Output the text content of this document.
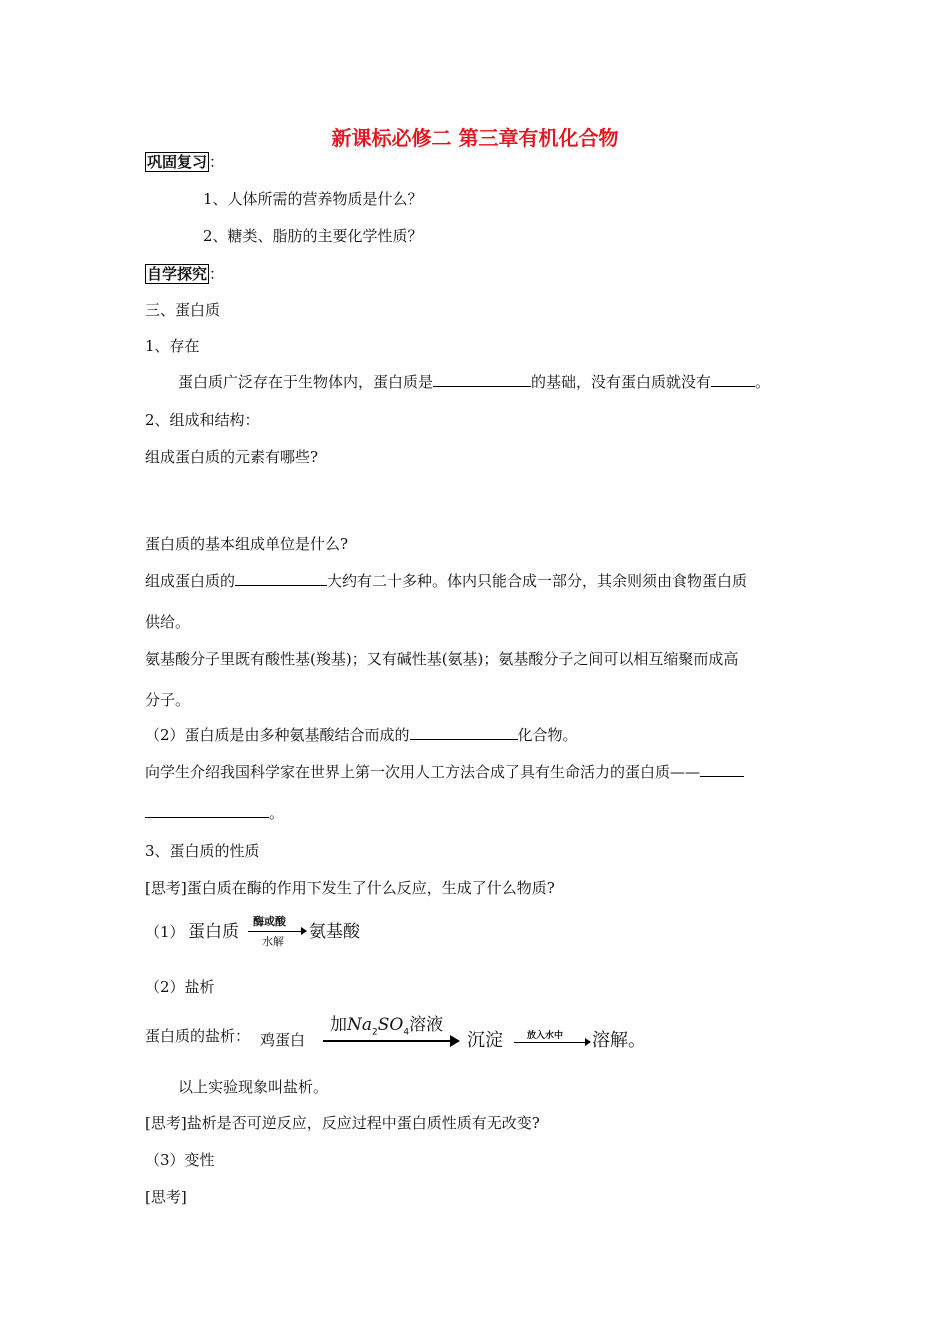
新课标必修二 第三章有机化合物
巩固复习 ：
1、人体所需的营养物质是什么？
2、糖类、脂肪的主要化学性质？
自学探究 ：
三、蛋白质
1、存在
蛋白质广泛存在于生物体内，蛋白质是	的基础，没有蛋白质就没有	。
2、组成和结构：
组成蛋白质的元素有哪些?
蛋白质的基本组成单位是什么?
组成蛋白质的	大约有二十多种。体内只能合成一部分，其余则须由食物蛋白质
供给。
氨基酸分子里既有酸性基(羧基)；又有碱性基(氨基)；氨基酸分子之间可以相互缩聚而成高
分子。
（2）蛋白质是由多种氨基酸结合而成的	化合物。
向学生介绍我国科学家在世界上第一次用人工方法合成了具有生命活力的蛋白质——
。
3、蛋白质的性质
[思考]蛋白质在酶的作用下发生了什么反应，生成了什么物质?
（1） 蛋白质
酶或酸
水解 氨基酸
（2）盐析
蛋白质的盐析： 鸡蛋白
加$Na_2SO_4$溶液
沉淀	放入水中 溶解。
以上实验现象叫盐析。
[思考]盐析是否可逆反应，反应过程中蛋白质性质有无改变?
（3）变性
[思考]
